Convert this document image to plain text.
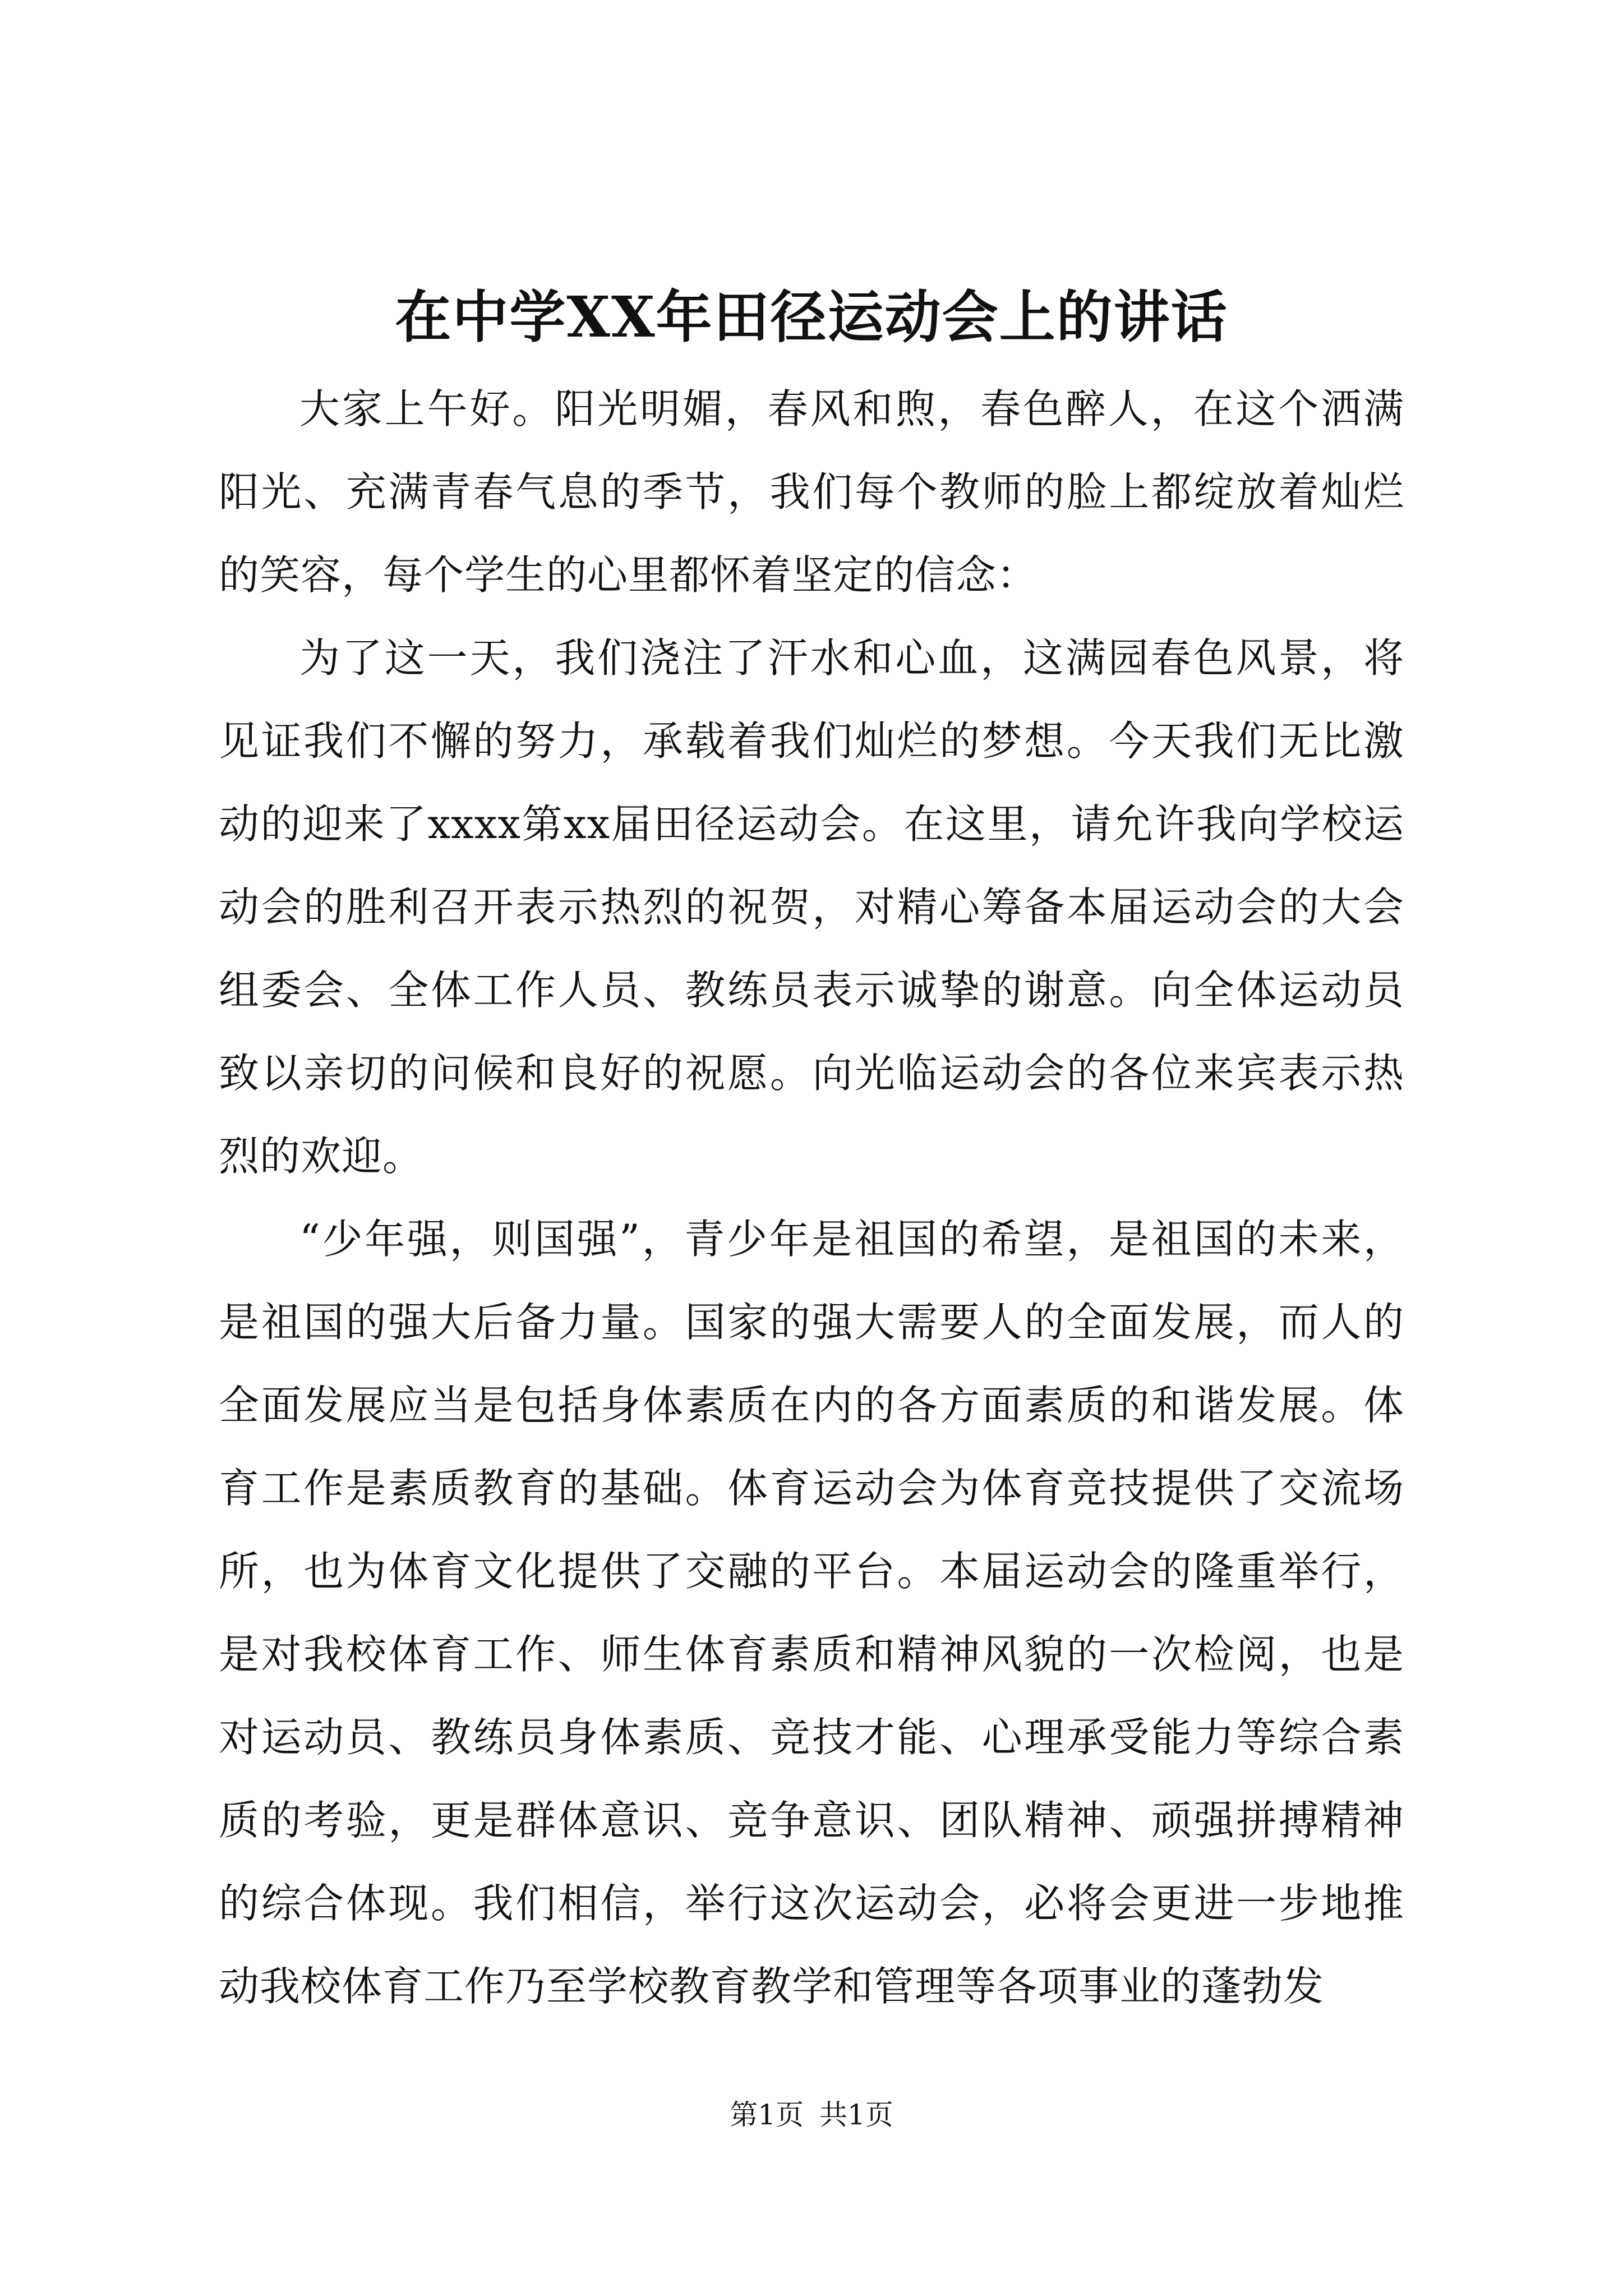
在中学XX年田径运动会上的讲话

大家上午好。阳光明媚，春风和煦，春色醉人，在这个洒满阳光、充满青春气息的季节，我们每个教师的脸上都绽放着灿烂的笑容，每个学生的心里都怀着坚定的信念：

为了这一天，我们浇注了汗水和心血，这满园春色风景，将见证我们不懈的努力，承载着我们灿烂的梦想。今天我们无比激动的迎来了xxxx第xx届田径运动会。在这里，请允许我向学校运动会的胜利召开表示热烈的祝贺，对精心筹备本届运动会的大会组委会、全体工作人员、教练员表示诚挚的谢意。向全体运动员致以亲切的问候和良好的祝愿。向光临运动会的各位来宾表示热烈的欢迎。

“少年强，则国强”，青少年是祖国的希望，是祖国的未来，是祖国的强大后备力量。国家的强大需要人的全面发展，而人的全面发展应当是包括身体素质在内的各方面素质的和谐发展。体育工作是素质教育的基础。体育运动会为体育竞技提供了交流场所，也为体育文化提供了交融的平台。本届运动会的隆重举行，是对我校体育工作、师生体育素质和精神风貌的一次检阅，也是对运动员、教练员身体素质、竞技才能、心理承受能力等综合素质的考验，更是群体意识、竞争意识、团队精神、顽强拼搏精神的综合体现。我们相信，举行这次运动会，必将会更进一步地推动我校体育工作乃至学校教育教学和管理等各项事业的蓬勃发

第1页 共1页
